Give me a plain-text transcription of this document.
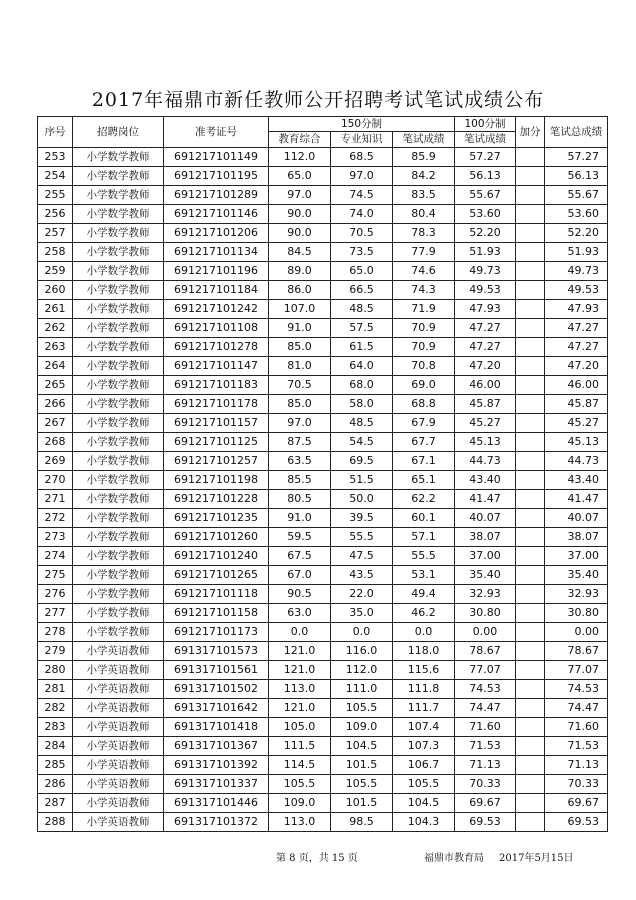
2017年福鼎市新任教师公开招聘考试笔试成绩公布
序号	招聘岗位	准考证号	150分制			100分制	加分	笔试总成绩
			教育综合	专业知识	笔试成绩	笔试成绩		
253	小学数学教师	691217101149	112.0	68.5	85.9	57.27		57.27
254	小学数学教师	691217101195	65.0	97.0	84.2	56.13		56.13
255	小学数学教师	691217101289	97.0	74.5	83.5	55.67		55.67
256	小学数学教师	691217101146	90.0	74.0	80.4	53.60		53.60
257	小学数学教师	691217101206	90.0	70.5	78.3	52.20		52.20
258	小学数学教师	691217101134	84.5	73.5	77.9	51.93		51.93
259	小学数学教师	691217101196	89.0	65.0	74.6	49.73		49.73
260	小学数学教师	691217101184	86.0	66.5	74.3	49.53		49.53
261	小学数学教师	691217101242	107.0	48.5	71.9	47.93		47.93
262	小学数学教师	691217101108	91.0	57.5	70.9	47.27		47.27
263	小学数学教师	691217101278	85.0	61.5	70.9	47.27		47.27
264	小学数学教师	691217101147	81.0	64.0	70.8	47.20		47.20
265	小学数学教师	691217101183	70.5	68.0	69.0	46.00		46.00
266	小学数学教师	691217101178	85.0	58.0	68.8	45.87		45.87
267	小学数学教师	691217101157	97.0	48.5	67.9	45.27		45.27
268	小学数学教师	691217101125	87.5	54.5	67.7	45.13		45.13
269	小学数学教师	691217101257	63.5	69.5	67.1	44.73		44.73
270	小学数学教师	691217101198	85.5	51.5	65.1	43.40		43.40
271	小学数学教师	691217101228	80.5	50.0	62.2	41.47		41.47
272	小学数学教师	691217101235	91.0	39.5	60.1	40.07		40.07
273	小学数学教师	691217101260	59.5	55.5	57.1	38.07		38.07
274	小学数学教师	691217101240	67.5	47.5	55.5	37.00		37.00
275	小学数学教师	691217101265	67.0	43.5	53.1	35.40		35.40
276	小学数学教师	691217101118	90.5	22.0	49.4	32.93		32.93
277	小学数学教师	691217101158	63.0	35.0	46.2	30.80		30.80
278	小学数学教师	691217101173	0.0	0.0	0.0	0.00		0.00
279	小学英语教师	691317101573	121.0	116.0	118.0	78.67		78.67
280	小学英语教师	691317101561	121.0	112.0	115.6	77.07		77.07
281	小学英语教师	691317101502	113.0	111.0	111.8	74.53		74.53
282	小学英语教师	691317101642	121.0	105.5	111.7	74.47		74.47
283	小学英语教师	691317101418	105.0	109.0	107.4	71.60		71.60
284	小学英语教师	691317101367	111.5	104.5	107.3	71.53		71.53
285	小学英语教师	691317101392	114.5	101.5	106.7	71.13		71.13
286	小学英语教师	691317101337	105.5	105.5	105.5	70.33		70.33
287	小学英语教师	691317101446	109.0	101.5	104.5	69.67		69.67
288	小学英语教师	691317101372	113.0	98.5	104.3	69.53		69.53
第 8 页，共 15 页	福鼎市教育局 2017年5月15日
